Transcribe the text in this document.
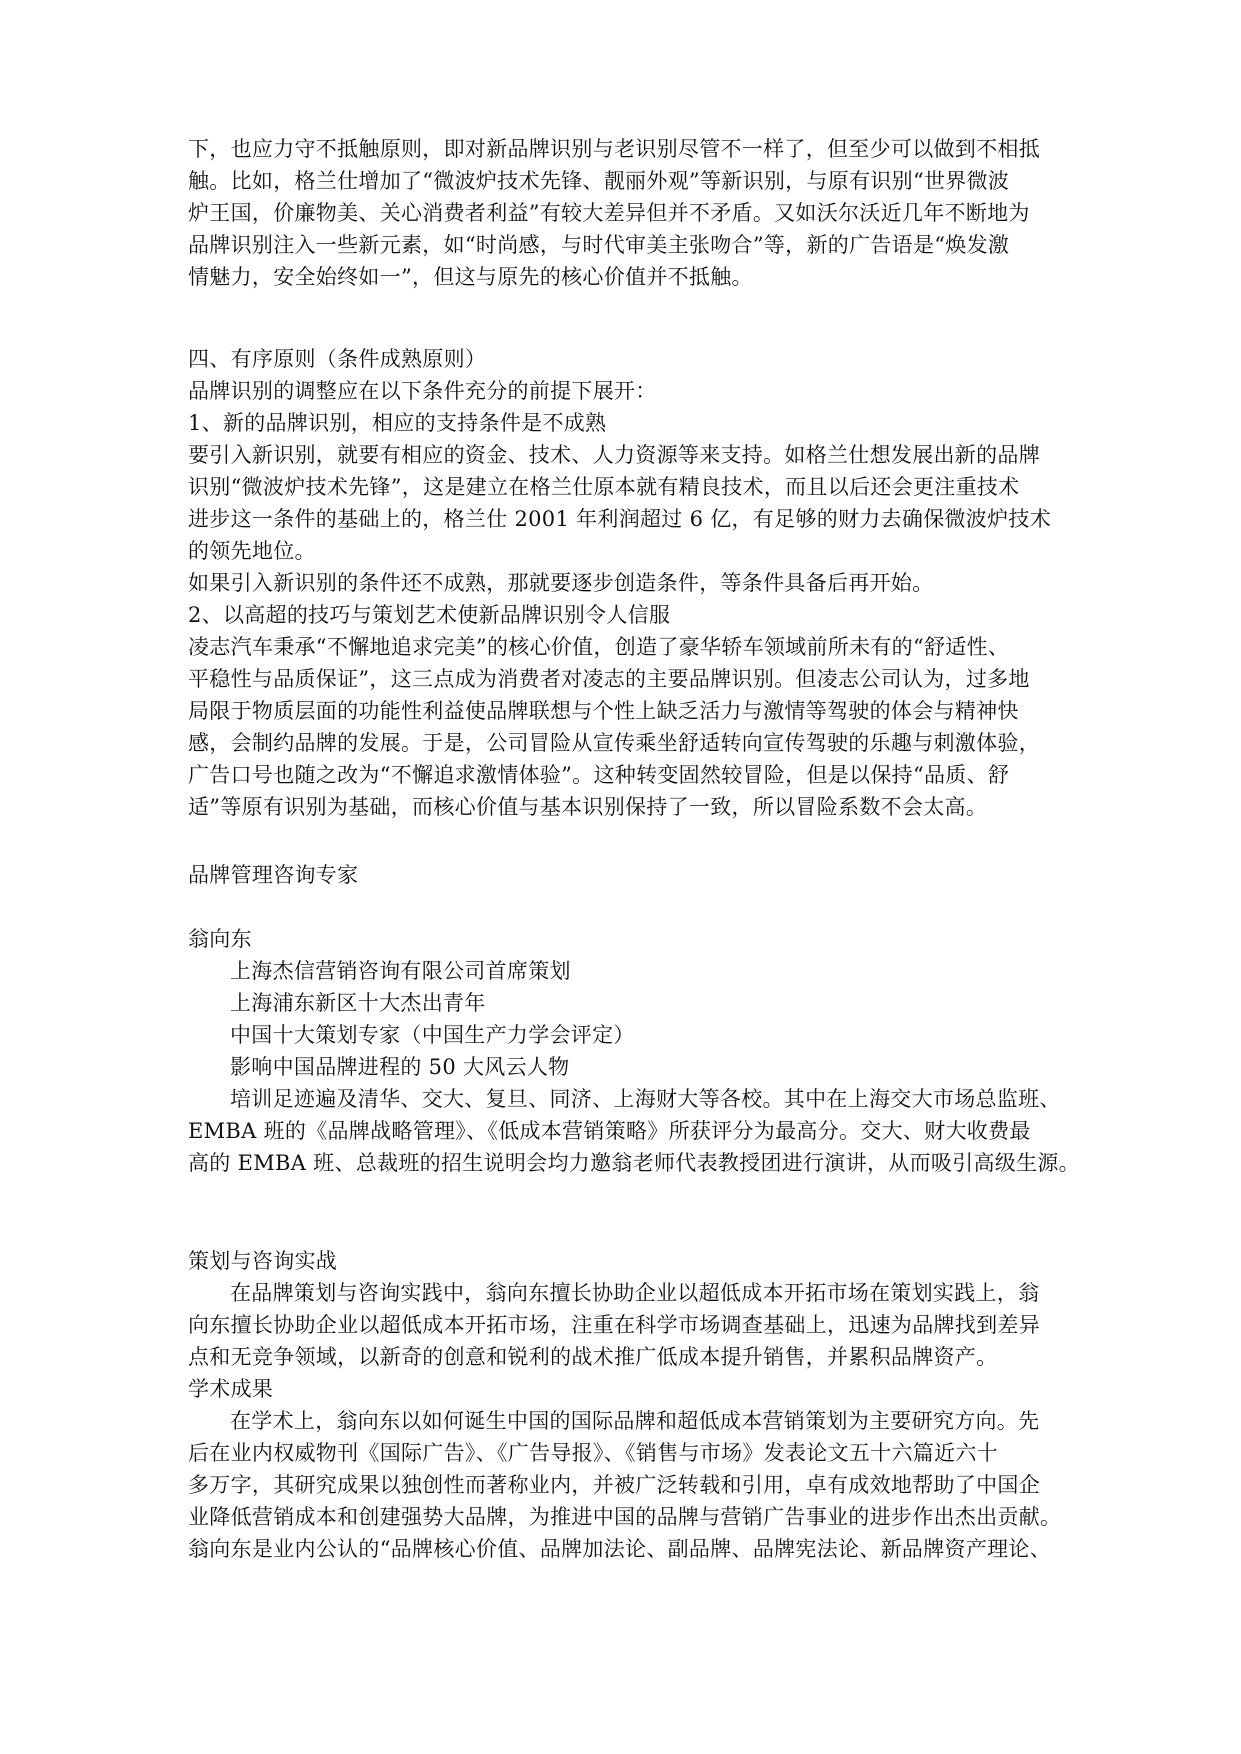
下，也应力守不抵触原则，即对新品牌识别与老识别尽管不一样了，但至少可以做到不相抵
触。比如，格兰仕增加了“微波炉技术先锋、靓丽外观”等新识别，与原有识别“世界微波
炉王国，价廉物美、关心消费者利益”有较大差异但并不矛盾。又如沃尔沃近几年不断地为
品牌识别注入一些新元素，如“时尚感，与时代审美主张吻合”等，新的广告语是“焕发激
情魅力，安全始终如一”，但这与原先的核心价值并不抵触。
四、有序原则（条件成熟原则）
品牌识别的调整应在以下条件充分的前提下展开：
1、新的品牌识别，相应的支持条件是不成熟
要引入新识别，就要有相应的资金、技术、人力资源等来支持。如格兰仕想发展出新的品牌
识别“微波炉技术先锋”，这是建立在格兰仕原本就有精良技术，而且以后还会更注重技术
进步这一条件的基础上的，格兰仕 2001 年利润超过 6 亿，有足够的财力去确保微波炉技术
的领先地位。
如果引入新识别的条件还不成熟，那就要逐步创造条件，等条件具备后再开始。
2、以高超的技巧与策划艺术使新品牌识别令人信服
凌志汽车秉承“不懈地追求完美”的核心价值，创造了豪华轿车领域前所未有的“舒适性、
平稳性与品质保证”，这三点成为消费者对凌志的主要品牌识别。但凌志公司认为，过多地
局限于物质层面的功能性利益使品牌联想与个性上缺乏活力与激情等驾驶的体会与精神快
感，会制约品牌的发展。于是，公司冒险从宣传乘坐舒适转向宣传驾驶的乐趣与刺激体验，
广告口号也随之改为“不懈追求激情体验”。这种转变固然较冒险，但是以保持“品质、舒
适”等原有识别为基础，而核心价值与基本识别保持了一致，所以冒险系数不会太高。
品牌管理咨询专家
翁向东
上海杰信营销咨询有限公司首席策划
上海浦东新区十大杰出青年
中国十大策划专家（中国生产力学会评定）
影响中国品牌进程的 50 大风云人物
培训足迹遍及清华、交大、复旦、同济、上海财大等各校。其中在上海交大市场总监班、
EMBA 班的《品牌战略管理》、《低成本营销策略》所获评分为最高分。交大、财大收费最
高的 EMBA 班、总裁班的招生说明会均力邀翁老师代表教授团进行演讲，从而吸引高级生源。
策划与咨询实战
在品牌策划与咨询实践中，翁向东擅长协助企业以超低成本开拓市场在策划实践上，翁
向东擅长协助企业以超低成本开拓市场，注重在科学市场调查基础上，迅速为品牌找到差异
点和无竞争领域，以新奇的创意和锐利的战术推广低成本提升销售，并累积品牌资产。
学术成果
在学术上，翁向东以如何诞生中国的国际品牌和超低成本营销策划为主要研究方向。先
后在业内权威物刊《国际广告》、《广告导报》、《销售与市场》发表论文五十六篇近六十
多万字，其研究成果以独创性而著称业内，并被广泛转载和引用，卓有成效地帮助了中国企
业降低营销成本和创建强势大品牌，为推进中国的品牌与营销广告事业的进步作出杰出贡献。
翁向东是业内公认的“品牌核心价值、品牌加法论、副品牌、品牌宪法论、新品牌资产理论、
